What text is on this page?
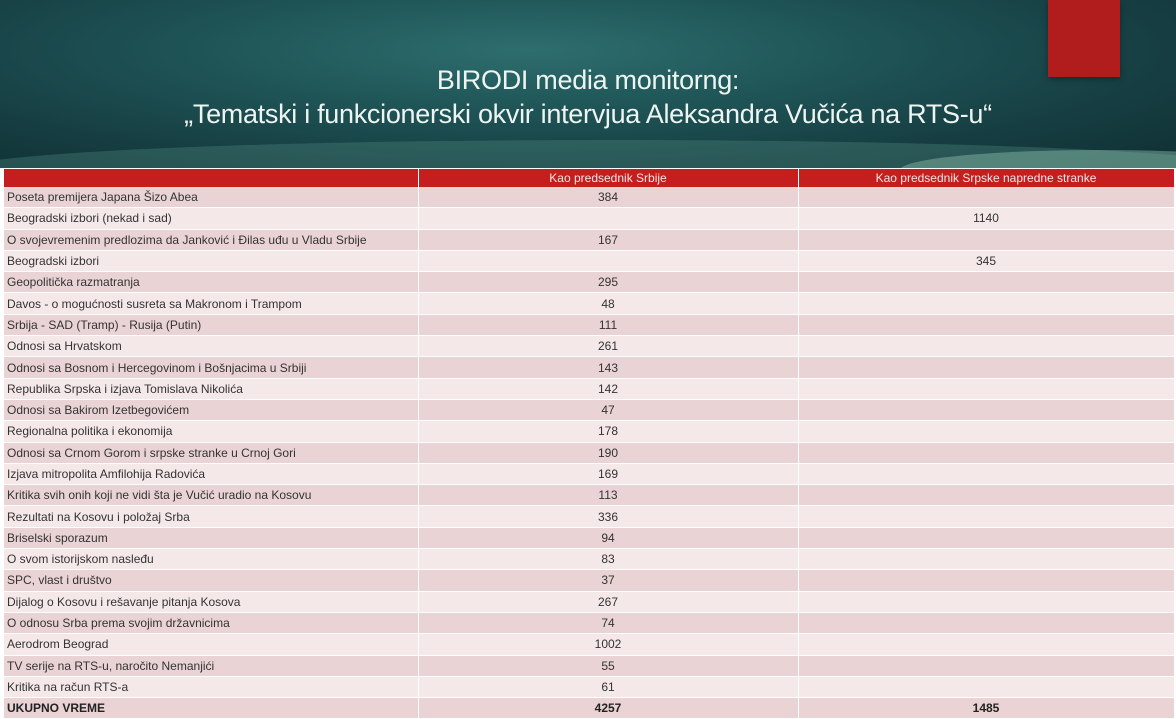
BIRODI media monitorng:
„Tematski i funkcionerski okvir intervjua Aleksandra Vučića na RTS-u“
	Kao predsednik Srbije	Kao predsednik Srpske napredne stranke
Poseta premijera Japana Šizo Abea	384	
Beogradski izbori (nekad i sad)		1140
O svojevremenim predlozima da Janković i Đilas uđu u Vladu Srbije	167	
Beogradski izbori		345
Geopolitička razmatranja	295	
Davos - o mogućnosti susreta sa Makronom i Trampom	48	
Srbija - SAD (Tramp) - Rusija (Putin)	111	
Odnosi sa Hrvatskom	261	
Odnosi sa Bosnom i Hercegovinom i Bošnjacima u Srbiji	143	
Republika Srpska i izjava Tomislava Nikolića	142	
Odnosi sa Bakirom Izetbegovićem	47	
Regionalna politika i ekonomija	178	
Odnosi sa Crnom Gorom i srpske stranke u Crnoj Gori	190	
Izjava mitropolita Amfilohija Radovića	169	
Kritika svih onih koji ne vidi šta je Vučić uradio na Kosovu	113	
Rezultati na Kosovu i položaj Srba	336	
Briselski sporazum	94	
O svom istorijskom nasleđu	83	
SPC, vlast i društvo	37	
Dijalog o Kosovu i rešavanje pitanja Kosova	267	
O odnosu Srba prema svojim državnicima	74	
Aerodrom Beograd	1002	
TV serije na RTS-u, naročito Nemanjići	55	
Kritika na račun RTS-a	61	
UKUPNO VREME	4257	1485
